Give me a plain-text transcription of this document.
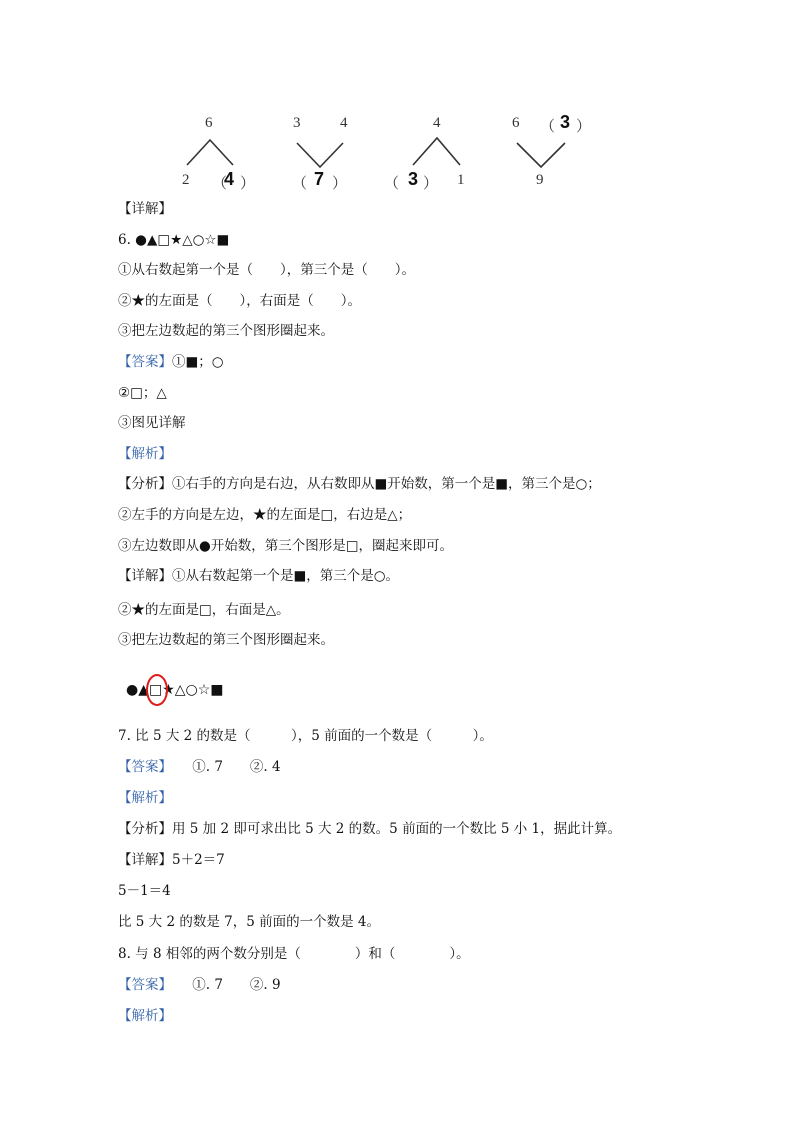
6
2 （
4 ）
3	4
（ 7 ）
4
（ 3 ） 1
6 （ 3 ）
9
【详解】
6. ●▲□★△○☆■
①从右数起第一个是（　　），第三个是（　　）。
②★的左面是（　　），右面是（　　）。
③把左边数起的第三个图形圈起来。
【答案】①■；○
②□；△
③图见详解
【解析】
【分析】①右手的方向是右边，从右数即从■开始数，第一个是■，第三个是○；
②左手的方向是左边，★的左面是□，右边是△；
③左边数即从●开始数，第三个图形是□，圈起来即可。
【详解】①从右数起第一个是■，第三个是○。
②★的左面是□，右面是△。
③把左边数起的第三个图形圈起来。
●▲□★△○☆■
7. 比 5 大 2 的数是（　　　），5 前面的一个数是（　　　）。
【答案】　　①. 7　　②. 4
【解析】
【分析】用 5 加 2 即可求出比 5 大 2 的数。5 前面的一个数比 5 小 1，据此计算。
【详解】5＋2＝7
5－1＝4
比 5 大 2 的数是 7，5 前面的一个数是 4。
8. 与 8 相邻的两个数分别是（　　　　）和（　　　　）。
【答案】　　①. 7　　②. 9
【解析】
